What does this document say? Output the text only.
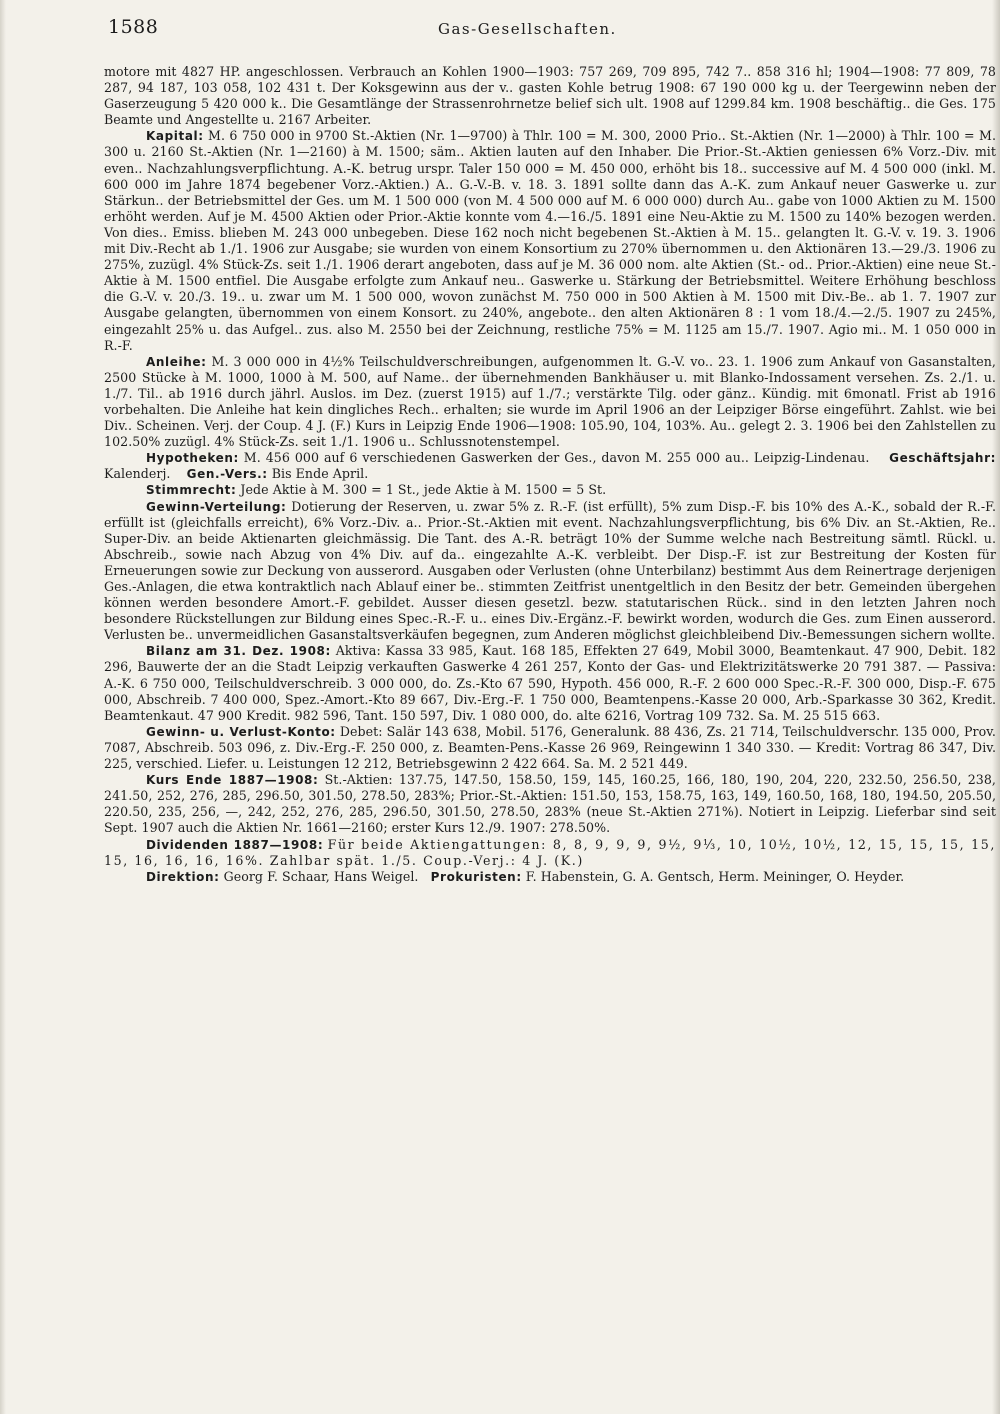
1588	Gas-Gesellschaften.

motore mit 4827 HP. angeschlossen. Verbrauch an Kohlen 1900—1903: 757 269, 709 895, 742 7.. 858 316 hl; 1904—1908: 77 809, 78 287, 94 187, 103 058, 102 431 t. Der Koksgewinn aus der v.. gasten Kohle betrug 1908: 67 190 000 kg u. der Teergewinn neben der Gaserzeugung 5 420 000 k.. Die Gesamtlänge der Strassenrohrnetze belief sich ult. 1908 auf 1299.84 km. 1908 beschäftig.. die Ges. 175 Beamte und Angestellte u. 2167 Arbeiter.

Kapital: M. 6 750 000 in 9700 St.-Aktien (Nr. 1—9700) à Thlr. 100 = M. 300, 2000 Prio.. St.-Aktien (Nr. 1—2000) à Thlr. 100 = M. 300 u. 2160 St.-Aktien (Nr. 1—2160) à M. 1500; säm.. Aktien lauten auf den Inhaber. Die Prior.-St.-Aktien geniessen 6% Vorz.-Div. mit even.. Nachzahlungsverpflichtung. A.-K. betrug urspr. Taler 150 000 = M. 450 000, erhöht bis 18.. successive auf M. 4 500 000 (inkl. M. 600 000 im Jahre 1874 begebener Vorz.-Aktien.) A.. G.-V.-B. v. 18. 3. 1891 sollte dann das A.-K. zum Ankauf neuer Gaswerke u. zur Stärkun.. der Betriebsmittel der Ges. um M. 1 500 000 (von M. 4 500 000 auf M. 6 000 000) durch Au.. gabe von 1000 Aktien zu M. 1500 erhöht werden. Auf je M. 4500 Aktien oder Prior.-Aktie konnte vom 4.—16./5. 1891 eine Neu-Aktie zu M. 1500 zu 140% bezogen werden. Von dies.. Emiss. blieben M. 243 000 unbegeben. Diese 162 noch nicht begebenen St.-Aktien à M. 15.. gelangten lt. G.-V. v. 19. 3. 1906 mit Div.-Recht ab 1./1. 1906 zur Ausgabe; sie wurden von einem Konsortium zu 270% übernommen u. den Aktionären 13.—29./3. 1906 zu 275%, zuzügl. 4% Stück-Zs. seit 1./1. 1906 derart angeboten, dass auf je M. 36 000 nom. alte Aktien (St.- od.. Prior.-Aktien) eine neue St.-Aktie à M. 1500 entfiel. Die Ausgabe erfolgte zum Ankauf neu.. Gaswerke u. Stärkung der Betriebsmittel. Weitere Erhöhung beschloss die G.-V. v. 20./3. 19.. u. zwar um M. 1 500 000, wovon zunächst M. 750 000 in 500 Aktien à M. 1500 mit Div.-Be.. ab 1. 7. 1907 zur Ausgabe gelangten, übernommen von einem Konsort. zu 240%, angebote.. den alten Aktionären 8 : 1 vom 18./4.—2./5. 1907 zu 245%, eingezahlt 25% u. das Aufgel.. zus. also M. 2550 bei der Zeichnung, restliche 75% = M. 1125 am 15./7. 1907. Agio mi.. M. 1 050 000 in R.-F.

Anleihe: M. 3 000 000 in 4½% Teilschuldverschreibungen, aufgenommen lt. G.-V. vo.. 23. 1. 1906 zum Ankauf von Gasanstalten, 2500 Stücke à M. 1000, 1000 à M. 500, auf Name.. der übernehmenden Bankhäuser u. mit Blanko-Indossament versehen. Zs. 2./1. u. 1./7. Til.. ab 1916 durch jährl. Auslos. im Dez. (zuerst 1915) auf 1./7.; verstärkte Tilg. oder gänz.. Kündig. mit 6monatl. Frist ab 1916 vorbehalten. Die Anleihe hat kein dingliches Rech.. erhalten; sie wurde im April 1906 an der Leipziger Börse eingeführt. Zahlst. wie bei Div.. Scheinen. Verj. der Coup. 4 J. (F.) Kurs in Leipzig Ende 1906—1908: 105.90, 104, 103%. Au.. gelegt 2. 3. 1906 bei den Zahlstellen zu 102.50% zuzügl. 4% Stück-Zs. seit 1./1. 1906 u.. Schlussnotenstempel.

Hypotheken: M. 456 000 auf 6 verschiedenen Gaswerken der Ges., davon M. 255 000 au.. Leipzig-Lindenau. Geschäftsjahr: Kalenderj. Gen.-Vers.: Bis Ende April.

Stimmrecht: Jede Aktie à M. 300 = 1 St., jede Aktie à M. 1500 = 5 St.

Gewinn-Verteilung: Dotierung der Reserven, u. zwar 5% z. R.-F. (ist erfüllt), 5% zum Disp.-F. bis 10% des A.-K., sobald der R.-F. erfüllt ist (gleichfalls erreicht), 6% Vorz.-Div. a.. Prior.-St.-Aktien mit event. Nachzahlungsverpflichtung, bis 6% Div. an St.-Aktien, Re.. Super-Div. an beide Aktienarten gleichmässig. Die Tant. des A.-R. beträgt 10% der Summe welche nach Bestreitung sämtl. Rückl. u. Abschreib., sowie nach Abzug von 4% Div. auf da.. eingezahlte A.-K. verbleibt. Der Disp.-F. ist zur Bestreitung der Kosten für Erneuerungen sowie zur Deckung von ausserord. Ausgaben oder Verlusten (ohne Unterbilanz) bestimmt Aus dem Reinertrage derjenigen Ges.-Anlagen, die etwa kontraktlich nach Ablauf einer be.. stimmten Zeitfrist unentgeltlich in den Besitz der betr. Gemeinden übergehen können werden besondere Amort.-F. gebildet. Ausser diesen gesetzl. bezw. statutarischen Rück.. sind in den letzten Jahren noch besondere Rückstellungen zur Bildung eines Spec.-R.-F. u.. eines Div.-Ergänz.-F. bewirkt worden, wodurch die Ges. zum Einen ausserord. Verlusten be.. unvermeidlichen Gasanstaltsverkäufen begegnen, zum Anderen möglichst gleichbleibend Div.-Bemessungen sichern wollte.

Bilanz am 31. Dez. 1908: Aktiva: Kassa 33 985, Kaut. 168 185, Effekten 27 649, Mobil 3000, Beamtenkaut. 47 900, Debit. 182 296, Bauwerte der an die Stadt Leipzig verkauften Gaswerke 4 261 257, Konto der Gas- und Elektrizitätswerke 20 791 387. — Passiva: A.-K. 6 750 000, Teilschuldverschreib. 3 000 000, do. Zs.-Kto 67 590, Hypoth. 456 000, R.-F. 2 600 000 Spec.-R.-F. 300 000, Disp.-F. 675 000, Abschreib. 7 400 000, Spez.-Amort.-Kto 89 667, Div.-Erg.-F. 1 750 000, Beamtenpens.-Kasse 20 000, Arb.-Sparkasse 30 362, Kredit. Beamtenkaut. 47 900 Kredit. 982 596, Tant. 150 597, Div. 1 080 000, do. alte 6216, Vortrag 109 732. Sa. M. 25 515 663.

Gewinn- u. Verlust-Konto: Debet: Salär 143 638, Mobil. 5176, Generalunk. 88 436, Zs. 21 714, Teilschuldverschr. 135 000, Prov. 7087, Abschreib. 503 096, z. Div.-Erg.-F. 250 000, z. Beamten-Pens.-Kasse 26 969, Reingewinn 1 340 330. — Kredit: Vortrag 86 347, Div. 225, verschied. Liefer. u. Leistungen 12 212, Betriebsgewinn 2 422 664. Sa. M. 2 521 449.

Kurs Ende 1887—1908: St.-Aktien: 137.75, 147.50, 158.50, 159, 145, 160.25, 166, 180, 190, 204, 220, 232.50, 256.50, 238, 241.50, 252, 276, 285, 296.50, 301.50, 278.50, 283%; Prior.-St.-Aktien: 151.50, 153, 158.75, 163, 149, 160.50, 168, 180, 194.50, 205.50, 220.50, 235, 256, —, 242, 252, 276, 285, 296.50, 301.50, 278.50, 283% (neue St.-Aktien 271%). Notiert in Leipzig. Lieferbar sind seit Sept. 1907 auch die Aktien Nr. 1661—2160; erster Kurs 12./9. 1907: 278.50%.

Dividenden 1887—1908: Für beide Aktiengattungen: 8, 8, 9, 9, 9, 9½, 9⅓, 10, 10½, 10½, 12, 15, 15, 15, 15, 15, 16, 16, 16, 16%. Zahlbar spät. 1./5. Coup.-Verj.: 4 J. (K.)

Direktion: Georg F. Schaar, Hans Weigel. Prokuristen: F. Habenstein, G. A. Gentsch, Herm. Meininger, O. Heyder.
